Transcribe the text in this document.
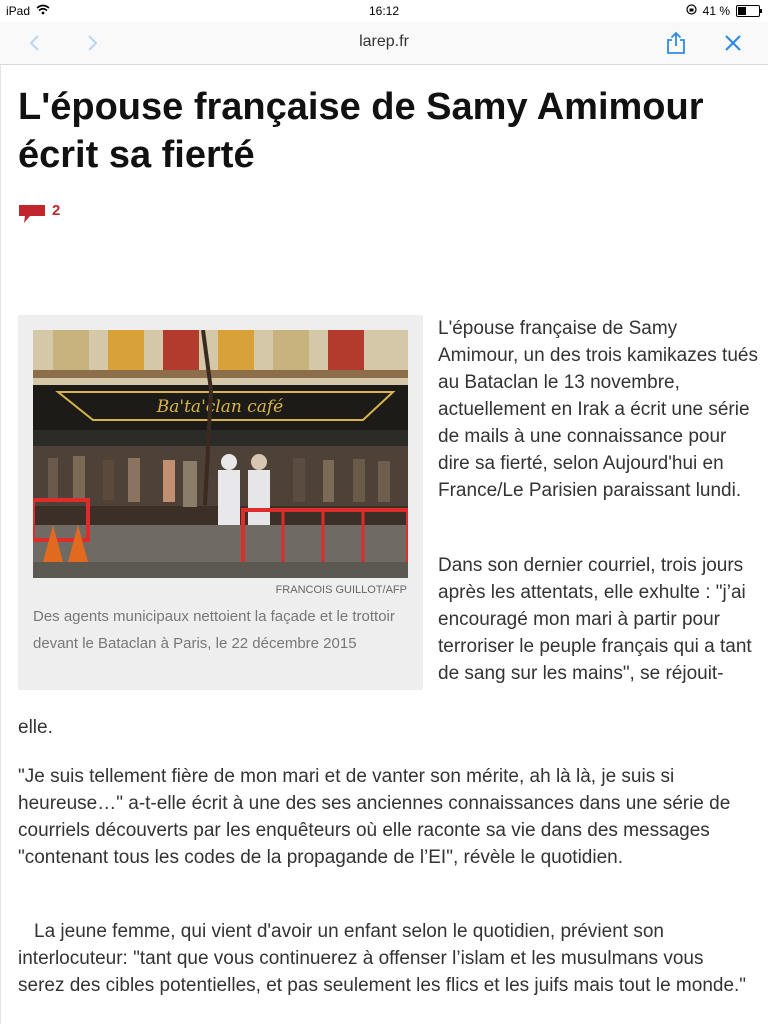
iPad	16:12	41 %
larep.fr
L'épouse française de Samy Amimour écrit sa fierté
2
Ba'ta'clan café
FRANCOIS GUILLOT/AFP

Des agents municipaux nettoient la façade et le trottoir devant le Bataclan à Paris, le 22 décembre 2015

L'épouse française de Samy Amimour, un des trois kamikazes tués au Bataclan le 13 novembre, actuellement en Irak a écrit une série de mails à une connaissance pour dire sa fierté, selon Aujourd'hui en France/Le Parisien paraissant lundi.

Dans son dernier courriel, trois jours après les attentats, elle exhulte : "j’ai encouragé mon mari à partir pour terroriser le peuple français qui a tant de sang sur les mains", se réjouit-

elle.

"Je suis tellement fière de mon mari et de vanter son mérite, ah là là, je suis si heureuse…" a-t-elle écrit à une des ses anciennes connaissances dans une série de courriels découverts par les enquêteurs où elle raconte sa vie dans des messages "contenant tous les codes de la propagande de l’EI", révèle le quotidien.

La jeune femme, qui vient d'avoir un enfant selon le quotidien, prévient son interlocuteur: "tant que vous continuerez à offenser l’islam et les musulmans vous serez des cibles potentielles, et pas seulement les flics et les juifs mais tout le monde."
